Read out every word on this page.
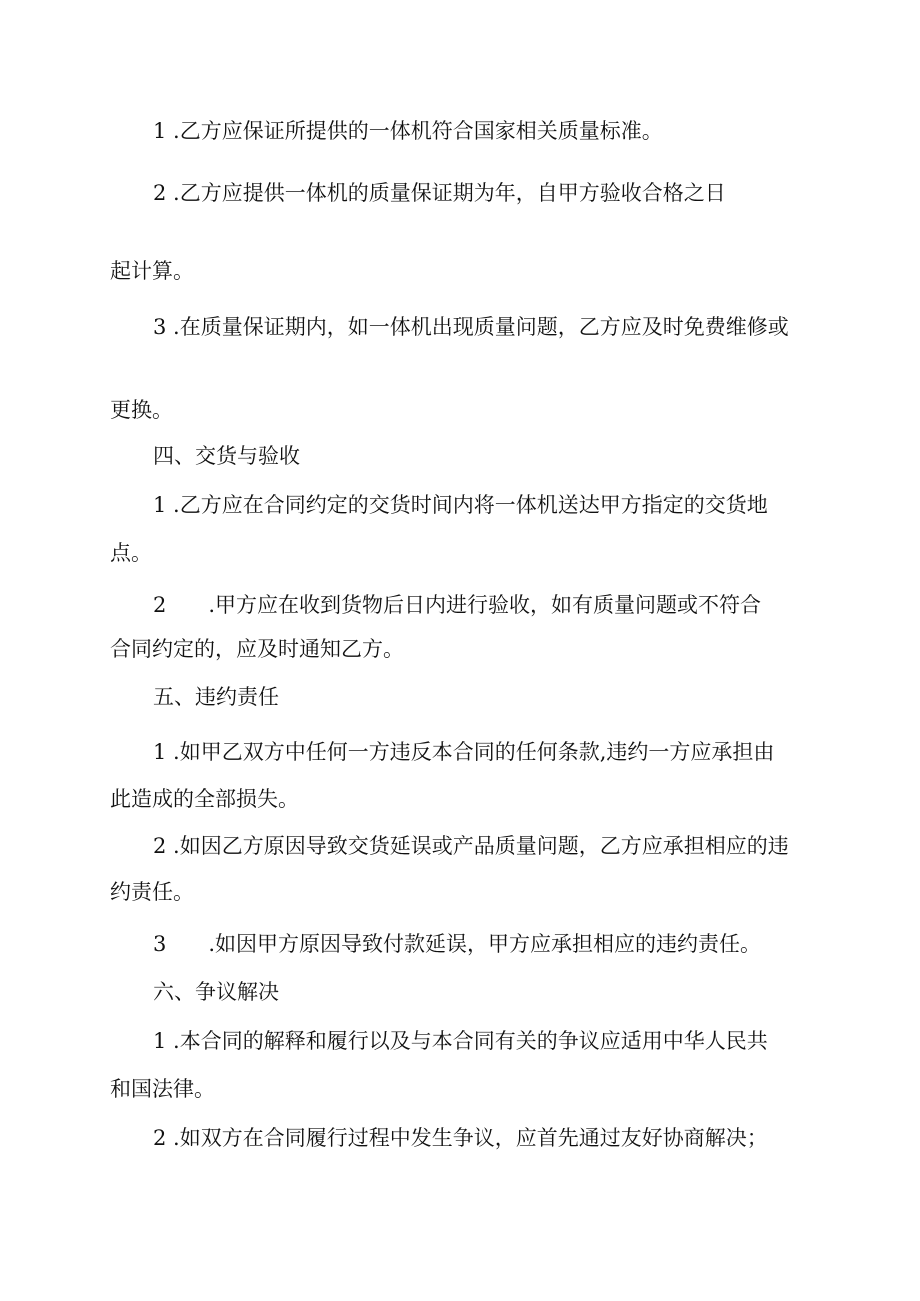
1 .乙方应保证所提供的一体机符合国家相关质量标准。

2 .乙方应提供一体机的质量保证期为年，自甲方验收合格之日

起计算。

3 .在质量保证期内，如一体机出现质量问题，乙方应及时免费维修或

更换。

四、交货与验收

1 .乙方应在合同约定的交货时间内将一体机送达甲方指定的交货地

点。

2　　.甲方应在收到货物后日内进行验收，如有质量问题或不符合

合同约定的，应及时通知乙方。

五、违约责任

1 .如甲乙双方中任何一方违反本合同的任何条款,违约一方应承担由

此造成的全部损失。

2 .如因乙方原因导致交货延误或产品质量问题，乙方应承担相应的违

约责任。

3　　.如因甲方原因导致付款延误，甲方应承担相应的违约责任。

六、争议解决

1 .本合同的解释和履行以及与本合同有关的争议应适用中华人民共

和国法律。

2 .如双方在合同履行过程中发生争议，应首先通过友好协商解决；
